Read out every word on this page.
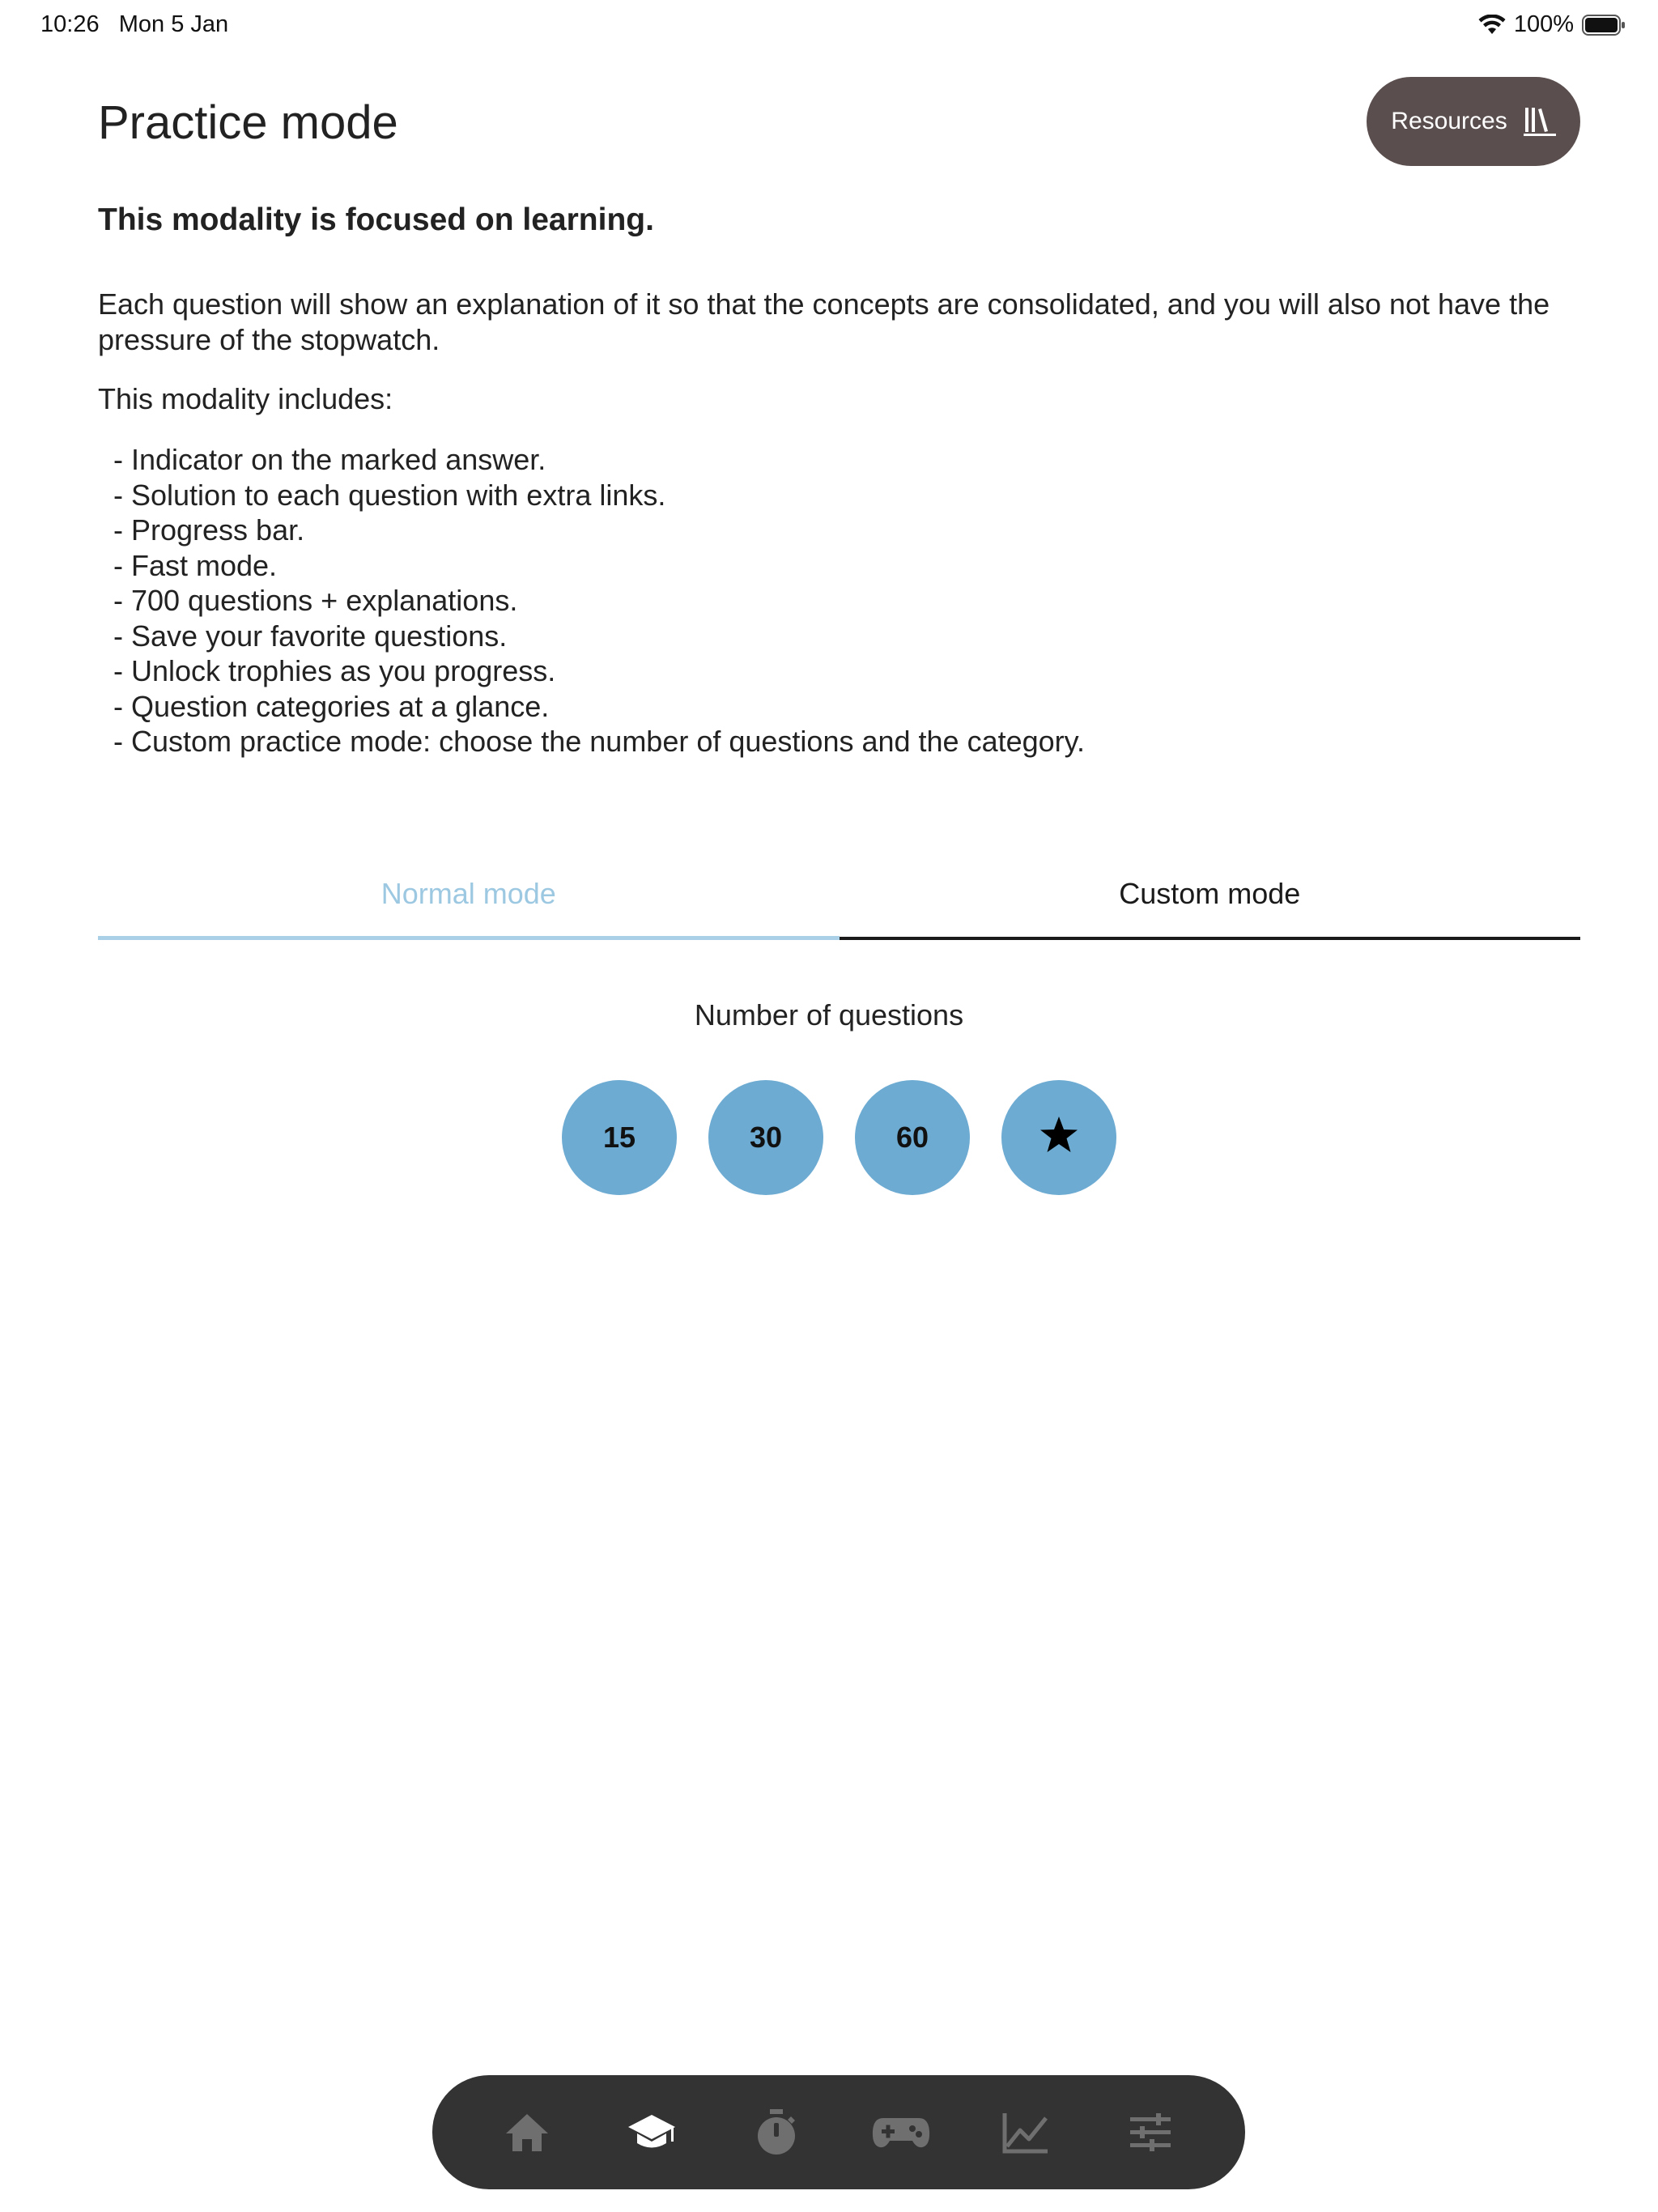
10:26 Mon 5 Jan	100%
Practice mode	Resources
This modality is focused on learning.

Each question will show an explanation of it so that the concepts are consolidated, and you will also not have the pressure of the stopwatch.

This modality includes:

- Indicator on the marked answer.
- Solution to each question with extra links.
- Progress bar.
- Fast mode.
- 700 questions + explanations.
- Save your favorite questions.
- Unlock trophies as you progress.
- Question categories at a glance.
- Custom practice mode: choose the number of questions and the category.
Normal mode	Custom mode
Number of questions
15	30	60
